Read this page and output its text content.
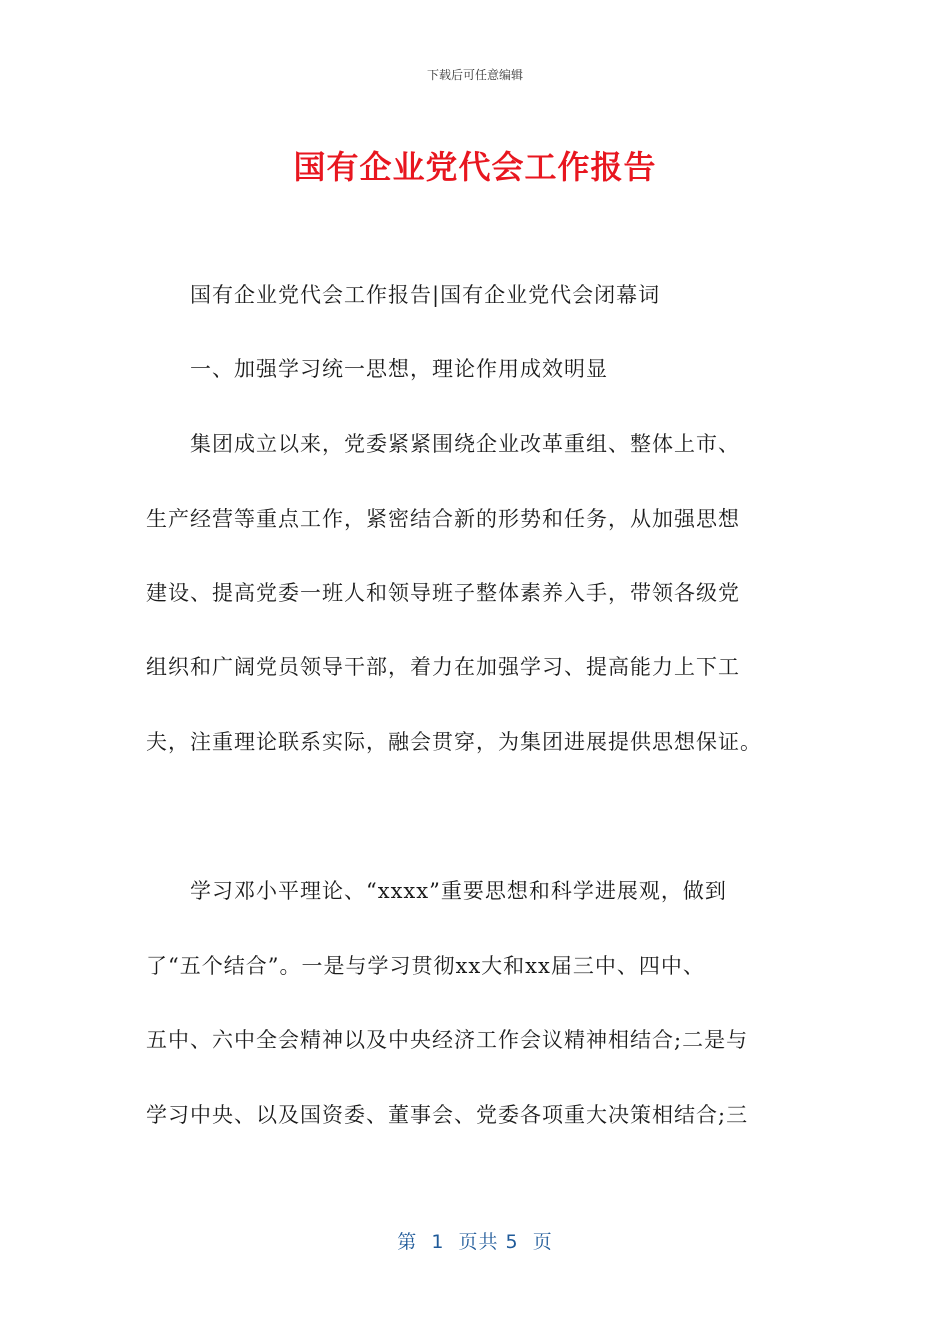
下载后可任意编辑
国有企业党代会工作报告
　　国有企业党代会工作报告|国有企业党代会闭幕词
　　一、加强学习统一思想，理论作用成效明显
　　集团成立以来，党委紧紧围绕企业改革重组、整体上市、
生产经营等重点工作，紧密结合新的形势和任务，从加强思想
建设、提高党委一班人和领导班子整体素养入手，带领各级党
组织和广阔党员领导干部，着力在加强学习、提高能力上下工
夫，注重理论联系实际，融会贯穿，为集团进展提供思想保证。
　　学习邓小平理论、“xxxx”重要思想和科学进展观，做到
了“五个结合”。一是与学习贯彻xx大和xx届三中、四中、
五中、六中全会精神以及中央经济工作会议精神相结合;二是与
学习中央、以及国资委、董事会、党委各项重大决策相结合;三
第  1  页共 5  页
